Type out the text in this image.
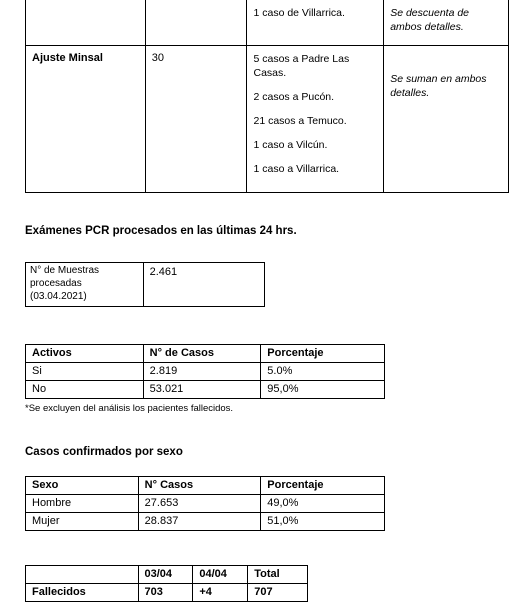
		1 caso de Villarrica.	Se descuenta de ambos detalles.

Ajuste Minsal	30	5 casos a Padre Las Casas.

2 casos a Pucón.

21 casos a Temuco.

1 caso a Vilcún.

1 caso a Villarrica.	Se suman en ambos detalles.

Exámenes PCR procesados en las últimas 24 hrs.

N° de Muestras procesadas (03.04.2021)	2.461
Activos	N° de Casos	Porcentaje
Si	2.819	5.0%
No	53.021	95,0%

*Se excluyen del análisis los pacientes fallecidos.

Casos confirmados por sexo

Sexo	N° Casos	Porcentaje
Hombre	27.653	49,0%
Mujer	28.837	51,0%
	03/04	04/04	Total
Fallecidos	703	+4	707
